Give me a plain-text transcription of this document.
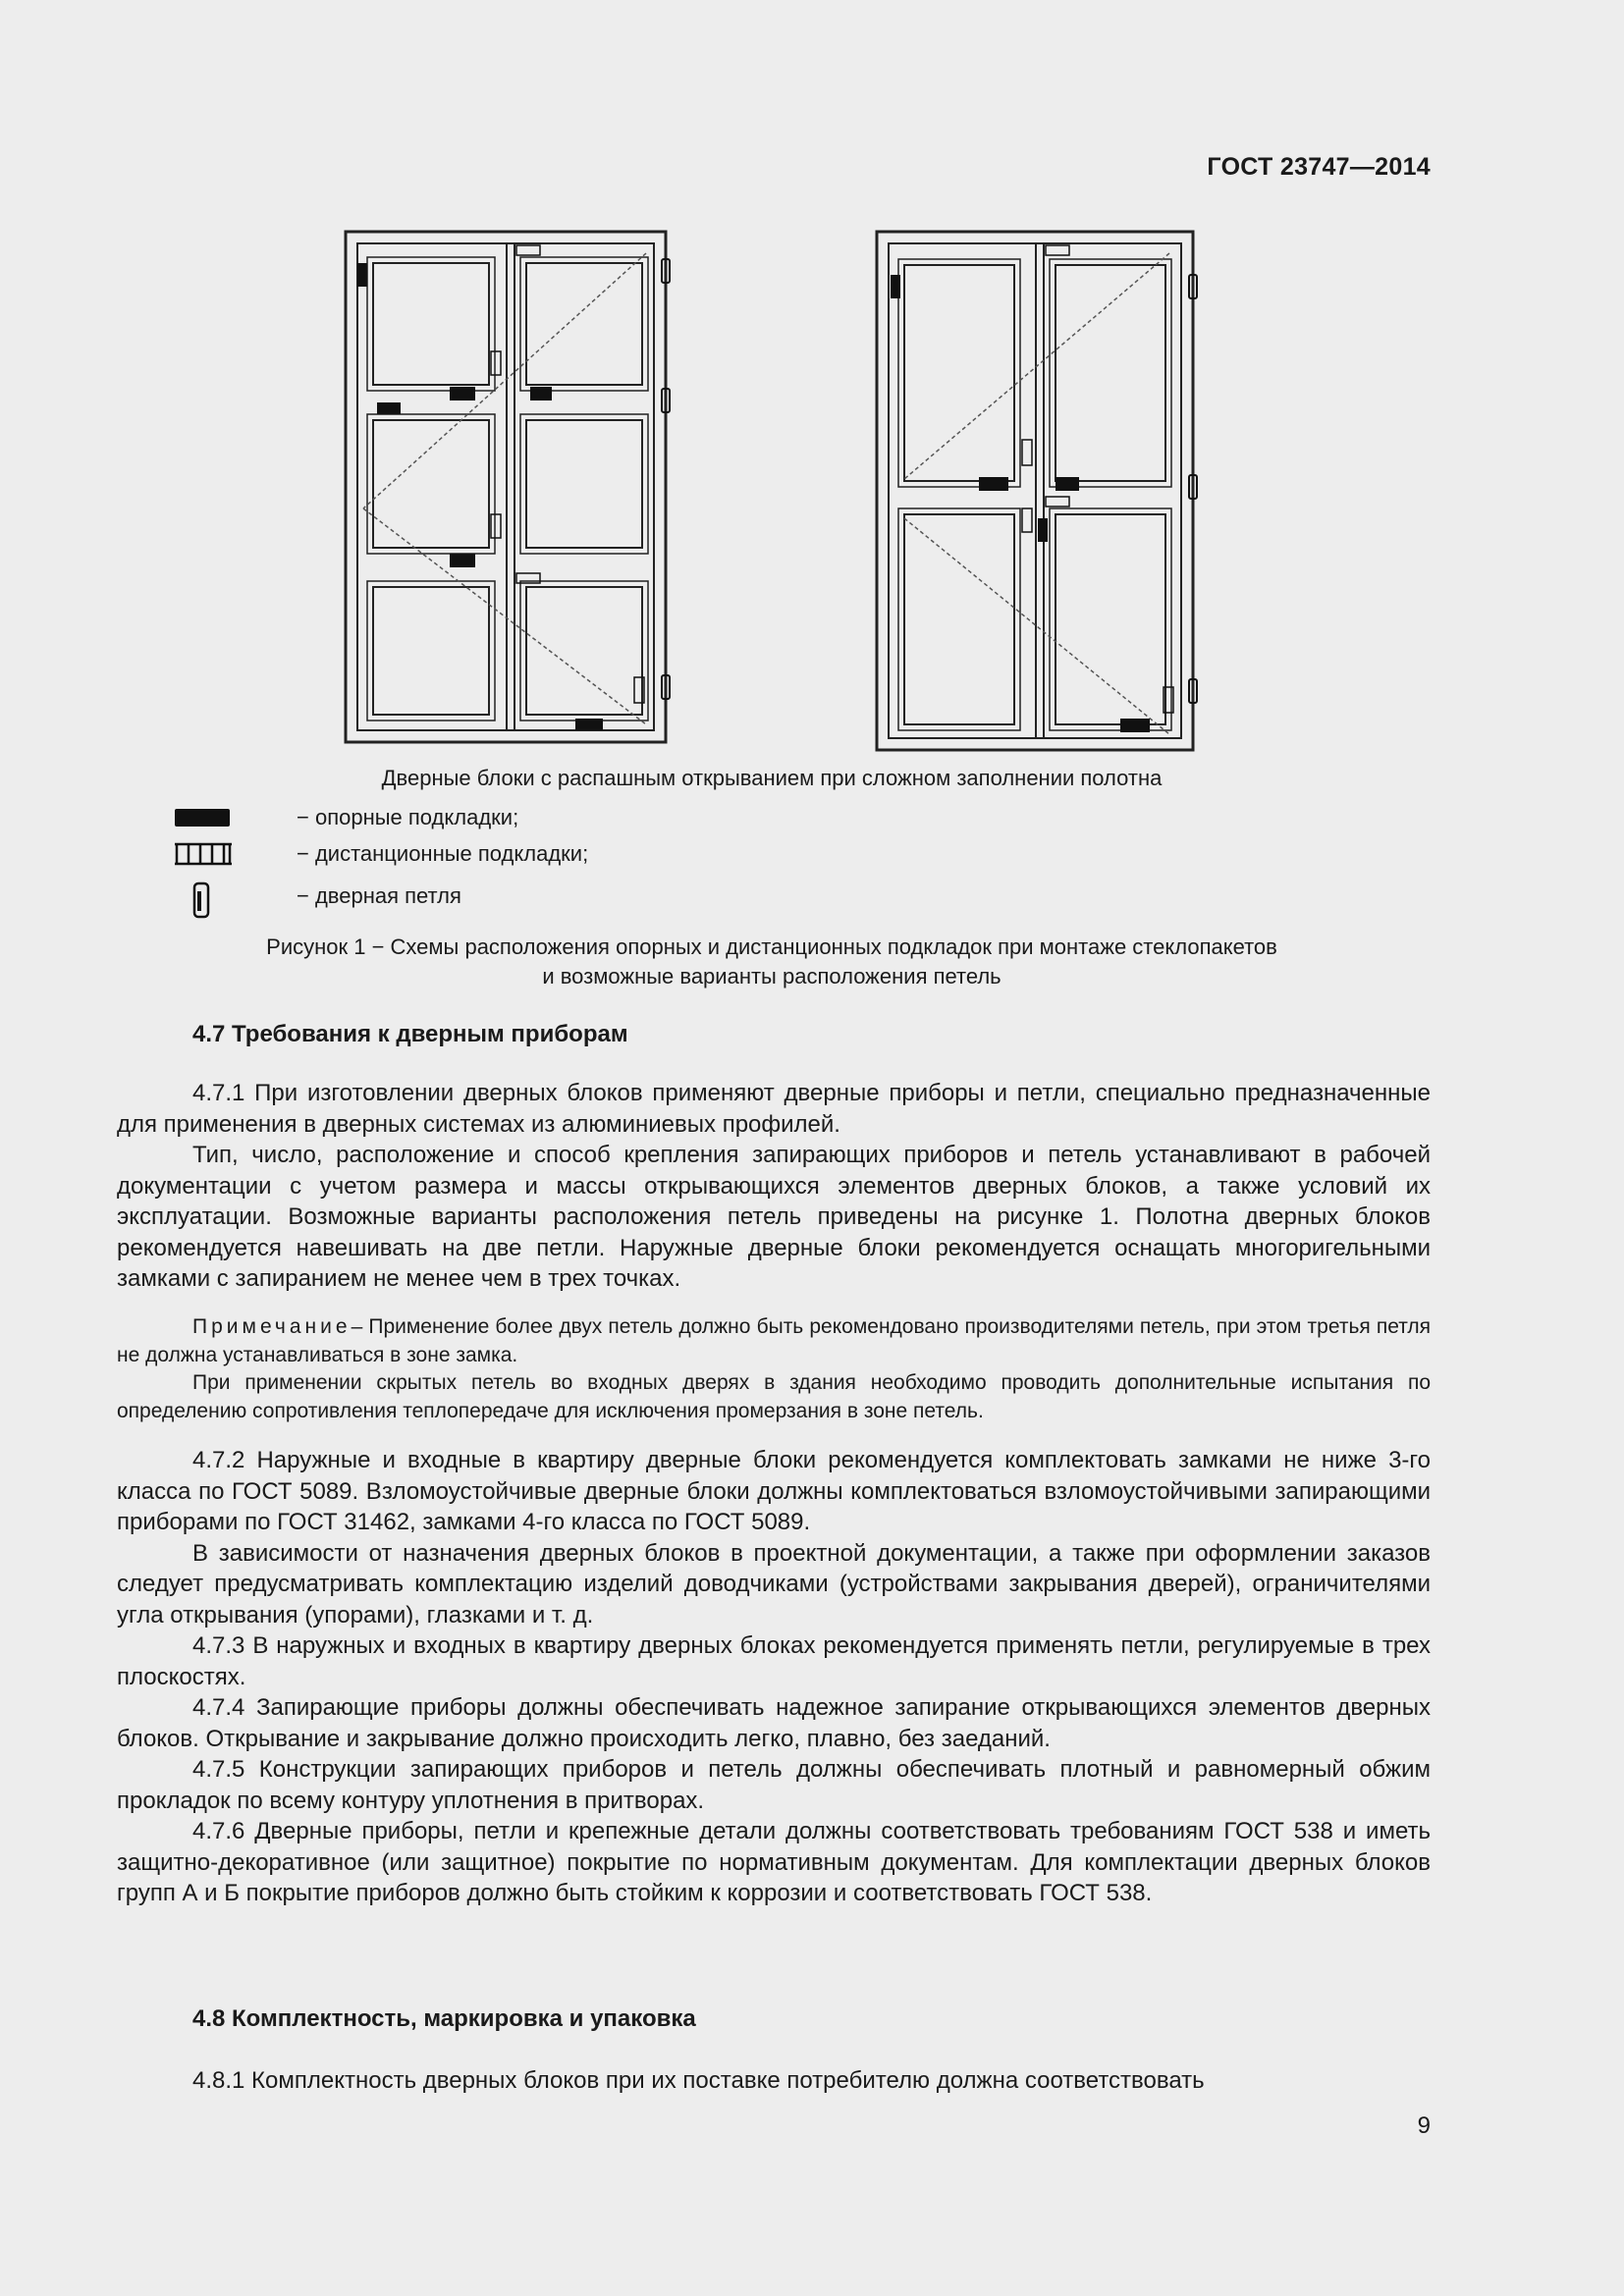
ГОСТ 23747—2014
Дверные блоки с распашным открыванием при сложном заполнении полотна
− опорные подкладки;
− дистанционные подкладки;
− дверная петля
Рисунок 1 − Схемы расположения опорных и дистанционных подкладок при монтаже стеклопакетов
и возможные варианты расположения петель
4.7 Требования к дверным приборам

4.7.1 При изготовлении дверных блоков применяют дверные приборы и петли, специально предназначенные для применения в дверных системах из алюминиевых профилей.

Тип, число, расположение и способ крепления запирающих приборов и петель устанавливают в рабочей документации с учетом размера и массы открывающихся элементов дверных блоков, а также условий их эксплуатации. Возможные варианты расположения петель приведены на рисунке 1. Полотна дверных блоков рекомендуется навешивать на две петли. Наружные дверные блоки рекомендуется оснащать многоригельными замками с запиранием не менее чем в трех точках.

Примечание– Применение более двух петель должно быть рекомендовано производителями петель, при этом третья петля не должна устанавливаться в зоне замка.

При применении скрытых петель во входных дверях в здания необходимо проводить дополнительные испытания по определению сопротивления теплопередаче для исключения промерзания в зоне петель.

4.7.2 Наружные и входные в квартиру дверные блоки рекомендуется комплектовать замками не ниже 3-го класса по ГОСТ 5089. Взломоустойчивые дверные блоки должны комплектоваться взломоустойчивыми запирающими приборами по ГОСТ 31462, замками 4-го класса по ГОСТ 5089.

В зависимости от назначения дверных блоков в проектной документации, а также при оформлении заказов следует предусматривать комплектацию изделий доводчиками (устройствами закрывания дверей), ограничителями угла открывания (упорами), глазками и т. д.

4.7.3 В наружных и входных в квартиру дверных блоках рекомендуется применять петли, регулируемые в трех плоскостях.

4.7.4 Запирающие приборы должны обеспечивать надежное запирание открывающихся элементов дверных блоков. Открывание и закрывание должно происходить легко, плавно, без заеданий.

4.7.5 Конструкции запирающих приборов и петель должны обеспечивать плотный и равномерный обжим прокладок по всему контуру уплотнения в притворах.

4.7.6 Дверные приборы, петли и крепежные детали должны соответствовать требованиям ГОСТ 538 и иметь защитно-декоративное (или защитное) покрытие по нормативным документам. Для комплектации дверных блоков групп А и Б покрытие приборов должно быть стойким к коррозии и соответствовать ГОСТ 538.

4.8 Комплектность, маркировка и упаковка

4.8.1 Комплектность дверных блоков при их поставке потребителю должна соответствовать

9
